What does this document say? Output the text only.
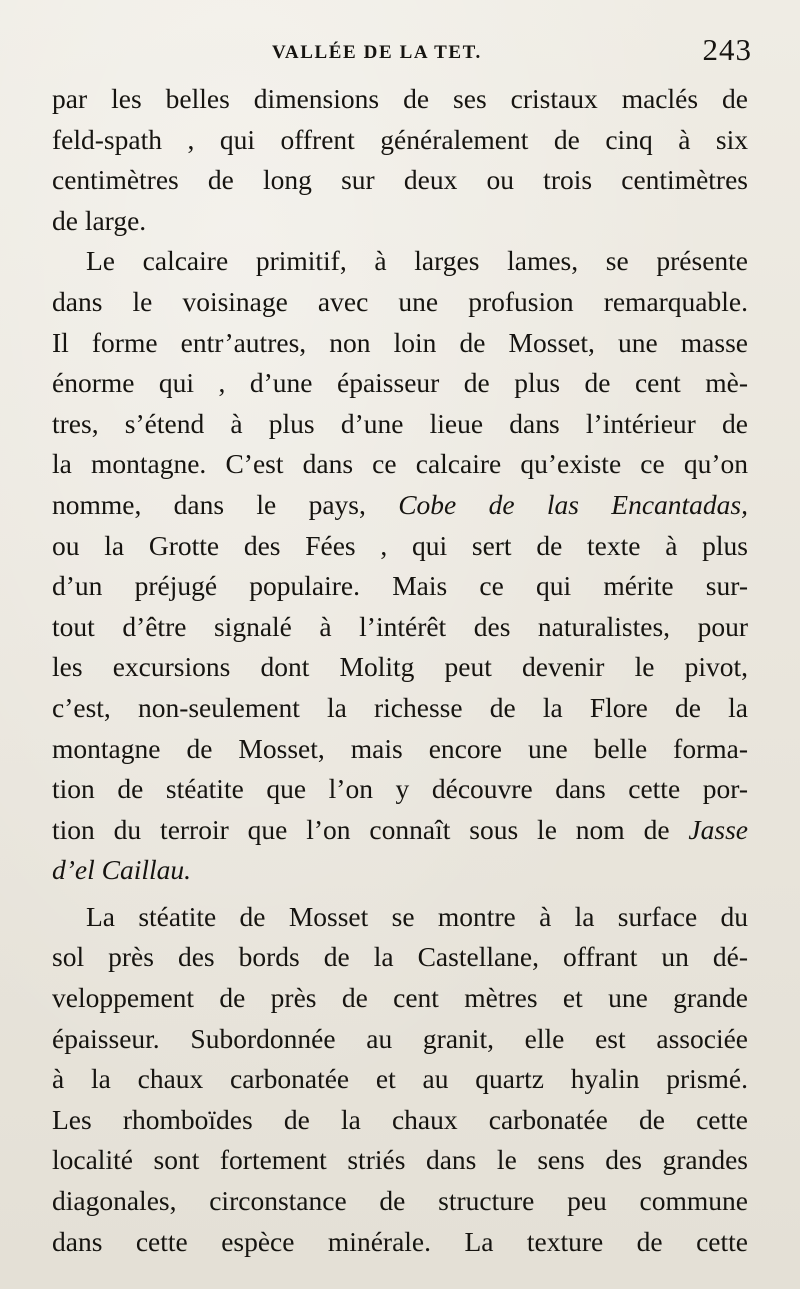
VALLÉE DE LA TET.	243
par les belles dimensions de ses cristaux maclés de
feld-spath , qui offrent généralement de cinq à six
centimètres de long sur deux ou trois centimètres
de large.
Le calcaire primitif, à larges lames, se présente
dans le voisinage avec une profusion remarquable.
Il forme entr’autres, non loin de Mosset, une masse
énorme qui , d’une épaisseur de plus de cent mè-
tres, s’étend à plus d’une lieue dans l’intérieur de
la montagne. C’est dans ce calcaire qu’existe ce qu’on
nomme, dans le pays, Cobe de las Encantadas,
ou la Grotte des Fées , qui sert de texte à plus
d’un préjugé populaire. Mais ce qui mérite sur-
tout d’être signalé à l’intérêt des naturalistes, pour
les excursions dont Molitg peut devenir le pivot,
c’est, non-seulement la richesse de la Flore de la
montagne de Mosset, mais encore une belle forma-
tion de stéatite que l’on y découvre dans cette por-
tion du terroir que l’on connaît sous le nom de Jasse
d’el Caillau.
La stéatite de Mosset se montre à la surface du
sol près des bords de la Castellane, offrant un dé-
veloppement de près de cent mètres et une grande
épaisseur. Subordonnée au granit, elle est associée
à la chaux carbonatée et au quartz hyalin prismé.
Les rhomboïdes de la chaux carbonatée de cette
localité sont fortement striés dans le sens des grandes
diagonales, circonstance de structure peu commune
dans cette espèce minérale. La texture de cette
